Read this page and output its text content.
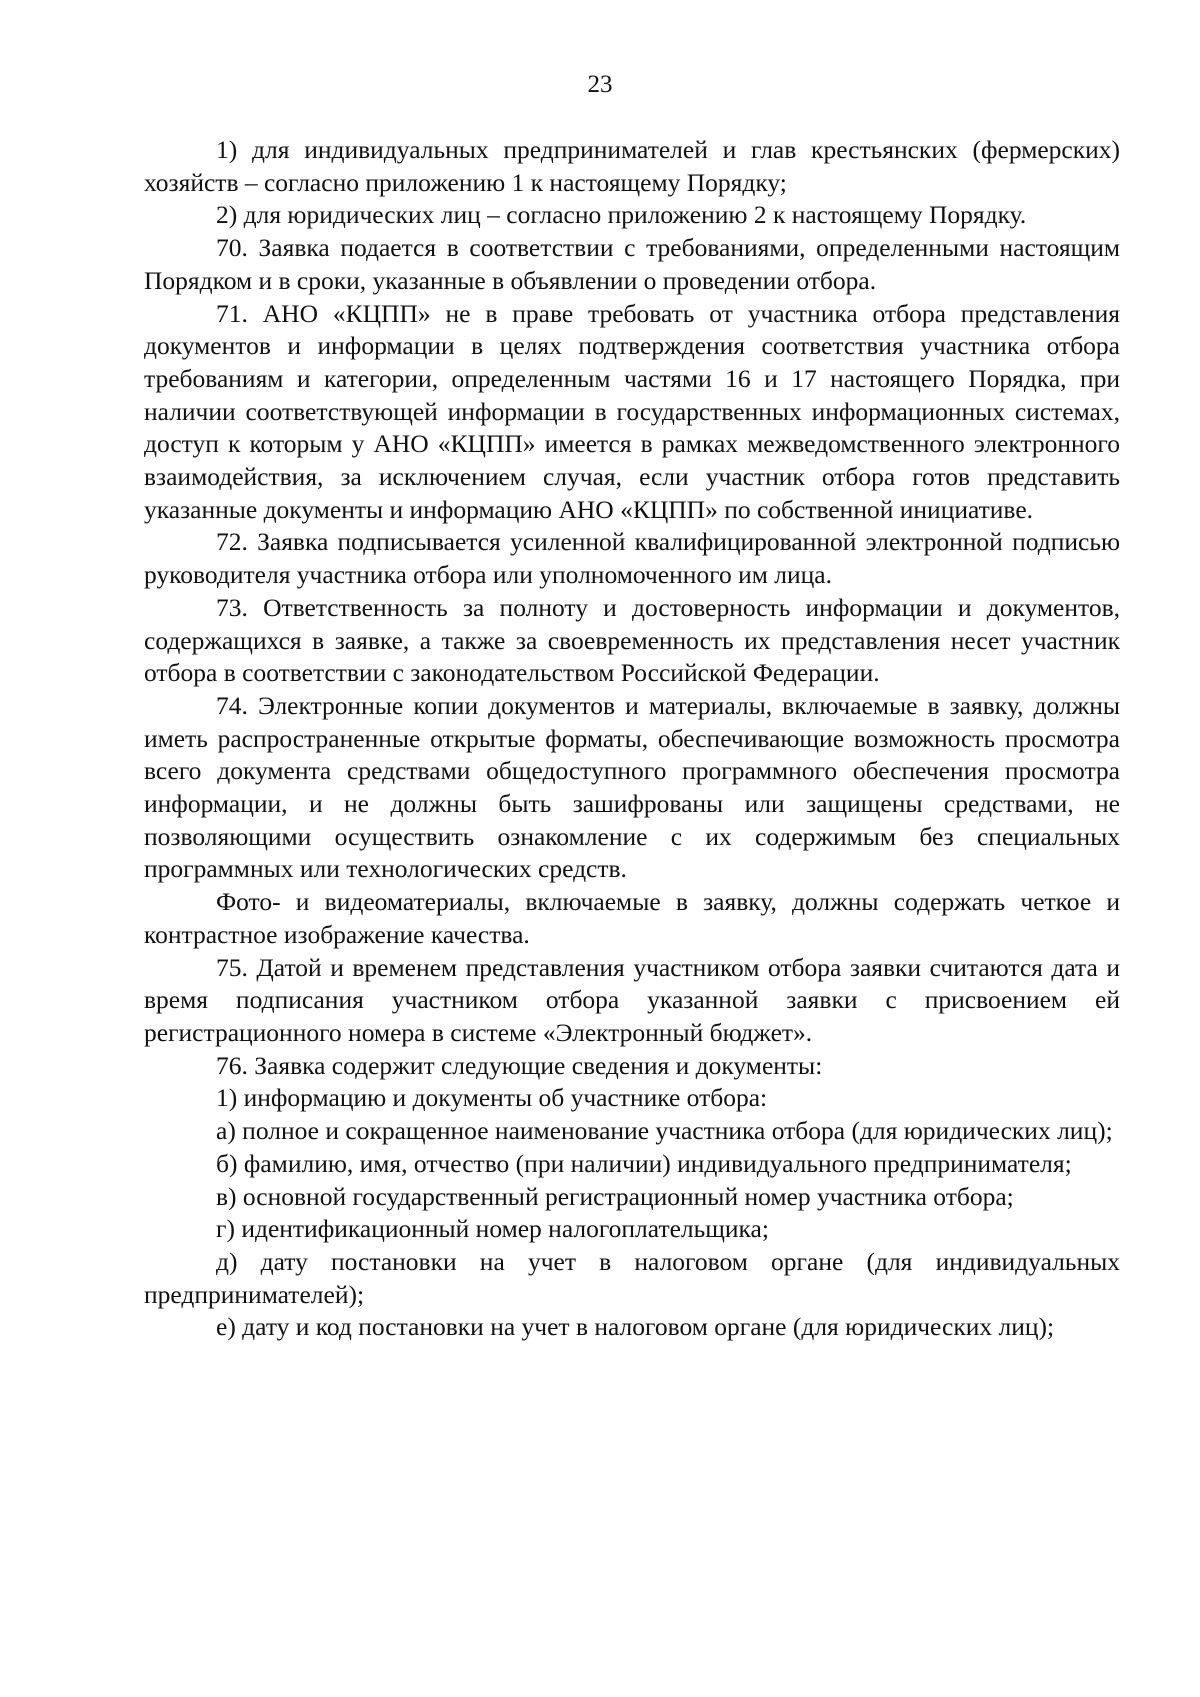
23

1) для индивидуальных предпринимателей и глав крестьянских (фермерских) хозяйств – согласно приложению 1 к настоящему Порядку;

2) для юридических лиц – согласно приложению 2 к настоящему Порядку.

70. Заявка подается в соответствии с требованиями, определенными настоящим Порядком и в сроки, указанные в объявлении о проведении отбора.

71. АНО «КЦПП» не в праве требовать от участника отбора представления документов и информации в целях подтверждения соответствия участника отбора требованиям и категории, определенным частями 16 и 17 настоящего Порядка, при наличии соответствующей информации в государственных информационных системах, доступ к которым у АНО «КЦПП» имеется в рамках межведомственного электронного взаимодействия, за исключением случая, если участник отбора готов представить указанные документы и информацию АНО «КЦПП» по собственной инициативе.

72. Заявка подписывается усиленной квалифицированной электронной подписью руководителя участника отбора или уполномоченного им лица.

73. Ответственность за полноту и достоверность информации и документов, содержащихся в заявке, а также за своевременность их представления несет участник отбора в соответствии с законодательством Российской Федерации.

74. Электронные копии документов и материалы, включаемые в заявку, должны иметь распространенные открытые форматы, обеспечивающие возможность просмотра всего документа средствами общедоступного программного обеспечения просмотра информации, и не должны быть зашифрованы или защищены средствами, не позволяющими осуществить ознакомление с их содержимым без специальных программных или технологических средств.

Фото- и видеоматериалы, включаемые в заявку, должны содержать четкое и контрастное изображение качества.

75. Датой и временем представления участником отбора заявки считаются дата и время подписания участником отбора указанной заявки с присвоением ей регистрационного номера в системе «Электронный бюджет».

76. Заявка содержит следующие сведения и документы:

1) информацию и документы об участнике отбора:

а) полное и сокращенное наименование участника отбора (для юридических лиц);

б) фамилию, имя, отчество (при наличии) индивидуального предпринимателя;

в) основной государственный регистрационный номер участника отбора;

г) идентификационный номер налогоплательщика;

д) дату постановки на учет в налоговом органе (для индивидуальных предпринимателей);

е) дату и код постановки на учет в налоговом органе (для юридических лиц);
